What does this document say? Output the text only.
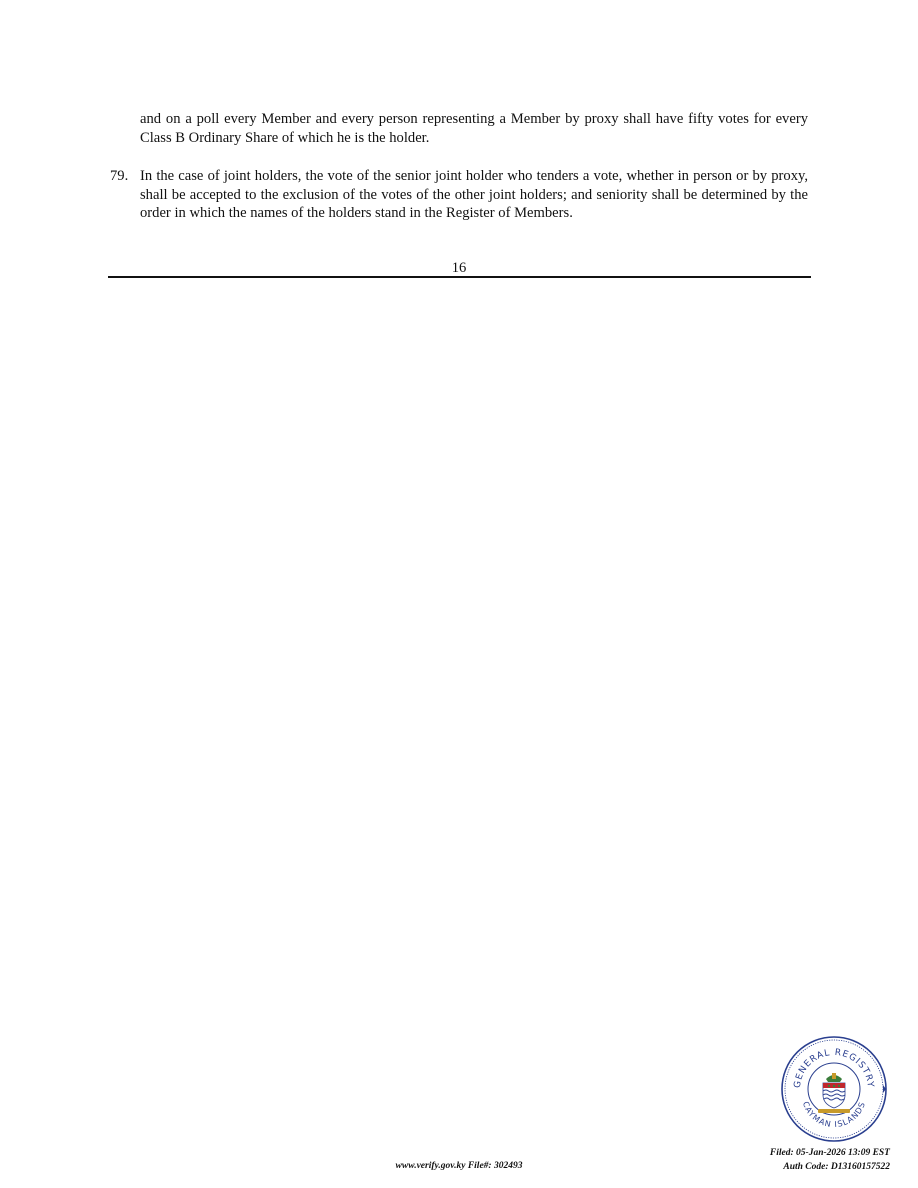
and on a poll every Member and every person representing a Member by proxy shall have fifty votes for every Class B Ordinary Share of which he is the holder.
79. In the case of joint holders, the vote of the senior joint holder who tenders a vote, whether in person or by proxy, shall be accepted to the exclusion of the votes of the other joint holders; and seniority shall be determined by the order in which the names of the holders stand in the Register of Members.
16
GENERAL REGISTRY
CAYMAN ISLANDS
www.verify.gov.ky File#: 302493
Filed: 05-Jan-2026 13:09 EST
Auth Code: D13160157522
